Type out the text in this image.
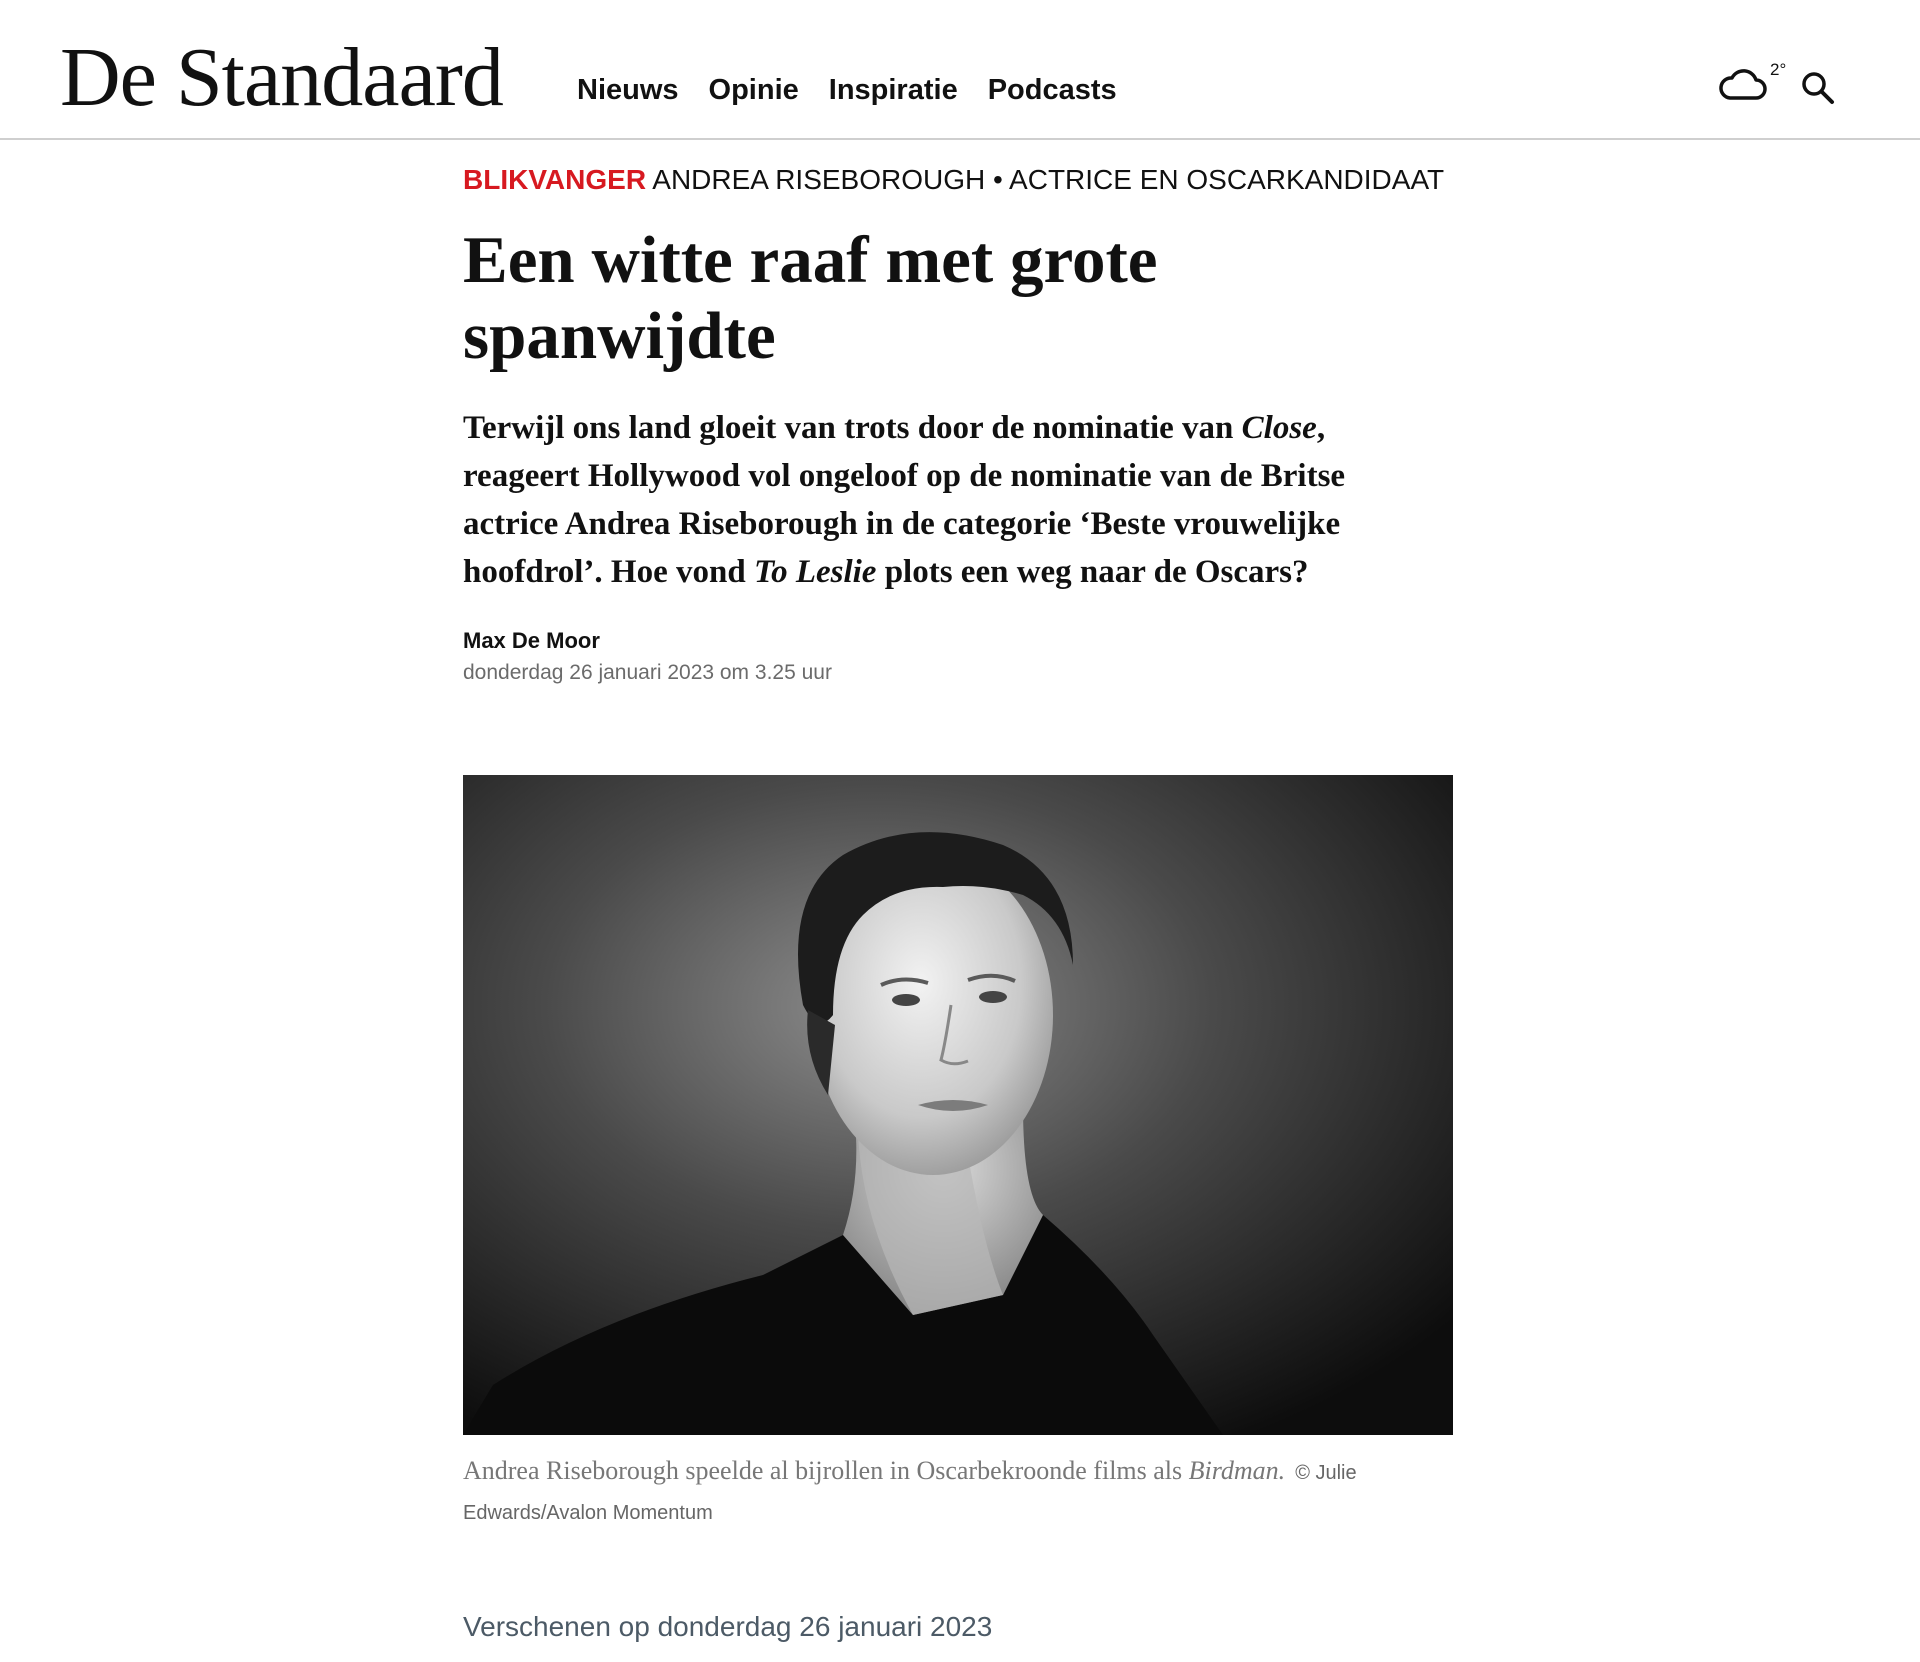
De Standaard	Nieuws Opinie Inspiratie Podcasts
2°
BLIKVANGER ANDREA RISEBOROUGH • ACTRICE EN OSCARKANDIDAAT
Een witte raaf met grote spanwijdte

Terwijl ons land gloeit van trots door de nominatie van Close, reageert Hollywood vol ongeloof op de nominatie van de Britse actrice Andrea Riseborough in de categorie ‘Beste vrouwelijke hoofdrol’. Hoe vond To Leslie plots een weg naar de Oscars?

Max De Moor
donderdag 26 januari 2023 om 3.25 uur
Andrea Riseborough speelde al bijrollen in Oscarbekroonde films als Birdman. © Julie Edwards/Avalon Momentum
Verschenen op donderdag 26 januari 2023
